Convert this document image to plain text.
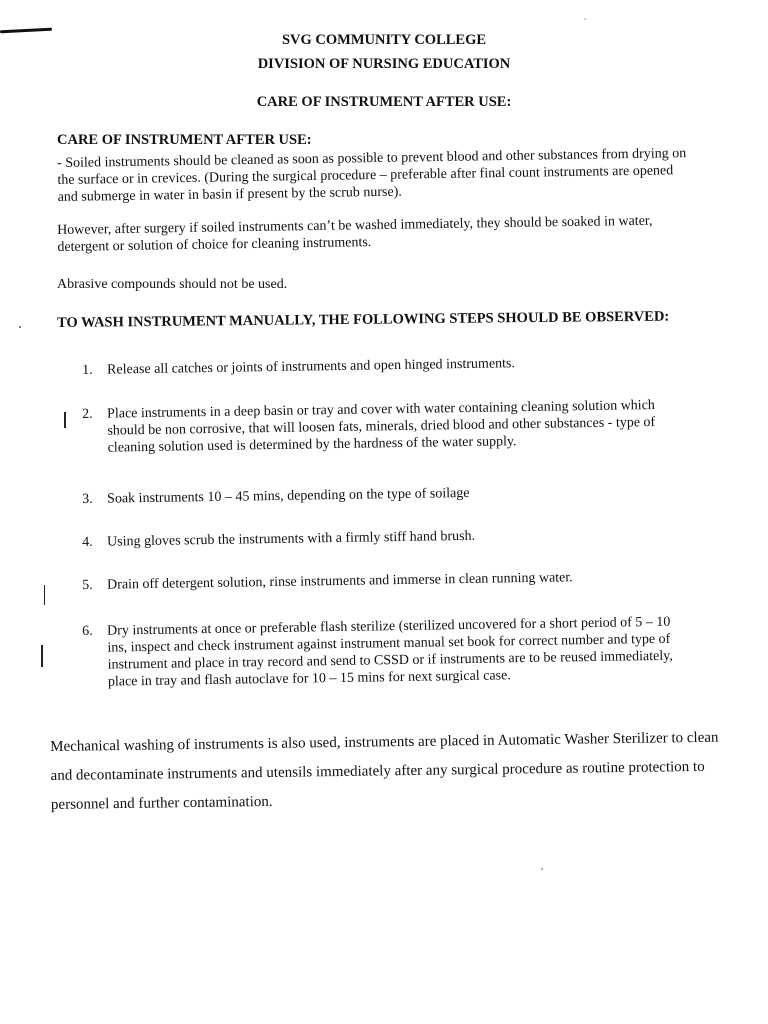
SVG COMMUNITY COLLEGE
DIVISION OF NURSING EDUCATION
CARE OF INSTRUMENT AFTER USE:
CARE OF INSTRUMENT AFTER USE:
- Soiled instruments should be cleaned as soon as possible to prevent blood and other substances from drying on the surface or in crevices. (During the surgical procedure – preferable after final count instruments are opened and submerge in water in basin if present by the scrub nurse).
However, after surgery if soiled instruments can’t be washed immediately, they should be soaked in water, detergent or solution of choice for cleaning instruments.
Abrasive compounds should not be used.
TO WASH INSTRUMENT MANUALLY, THE FOLLOWING STEPS SHOULD BE OBSERVED:
1.	Release all catches or joints of instruments and open hinged instruments.
2.	Place instruments in a deep basin or tray and cover with water containing cleaning solution which should be non corrosive, that will loosen fats, minerals, dried blood and other substances - type of cleaning solution used is determined by the hardness of the water supply.
3.	Soak instruments 10 – 45 mins, depending on the type of soilage
4.	Using gloves scrub the instruments with a firmly stiff hand brush.
5.	Drain off detergent solution, rinse instruments and immerse in clean running water.
6.	Dry instruments at once or preferable flash sterilize (sterilized uncovered for a short period of 5 – 10 ins, inspect and check instrument against instrument manual set book for correct number and type of instrument and place in tray record and send to CSSD or if instruments are to be reused immediately, place in tray and flash autoclave for 10 – 15 mins for next surgical case.
Mechanical washing of instruments is also used, instruments are placed in Automatic Washer Sterilizer to clean and decontaminate instruments and utensils immediately after any surgical procedure as routine protection to personnel and further contamination.
